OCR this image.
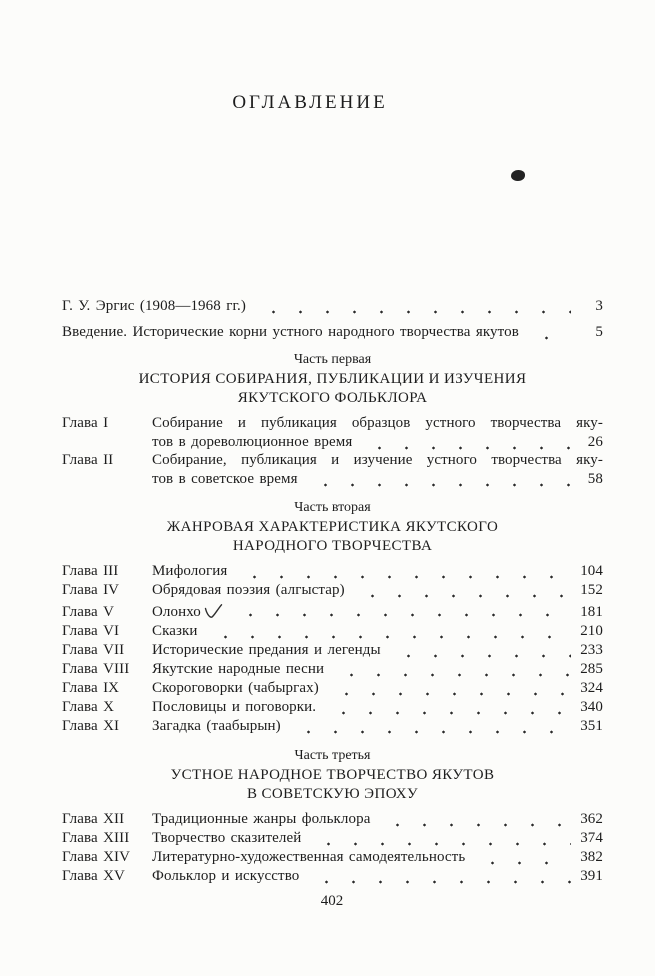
ОГЛАВЛЕНИЕ
Г. У. Эргис (1908—1968 гг.)	3
Введение. Исторические корни устного народного творчества якутов	5
Часть первая
ИСТОРИЯ СОБИРАНИЯ, ПУБЛИКАЦИИ И ИЗУЧЕНИЯ
ЯКУТСКОГО ФОЛЬКЛОРА
Глава I	Собирание и публикация образцов устного творчества яку-
тов в дореволюционное время	26
Глава II	Собирание, публикация и изучение устного творчества яку-
тов в советское время	58
Часть вторая
ЖАНРОВАЯ ХАРАКТЕРИСТИКА ЯКУТСКОГО
НАРОДНОГО ТВОРЧЕСТВА
Глава III	Мифология	104
Глава IV	Обрядовая поэзия (алгыстар)	152
Глава V	Олонхо	181
Глава VI	Сказки	210
Глава VII	Исторические предания и легенды	233
Глава VIII	Якутские народные песни	285
Глава IX	Скороговорки (чабыргах)	324
Глава X	Пословицы и поговорки.	340
Глава XI	Загадка (таабырын)	351
Часть третья
УСТНОЕ НАРОДНОЕ ТВОРЧЕСТВО ЯКУТОВ
В СОВЕТСКУЮ ЭПОХУ
Глава XII	Традиционные жанры фольклора	362
Глава XIII	Творчество сказителей	374
Глава XIV	Литературно-художественная самодеятельность	382
Глава XV	Фольклор и искусство	391
402
